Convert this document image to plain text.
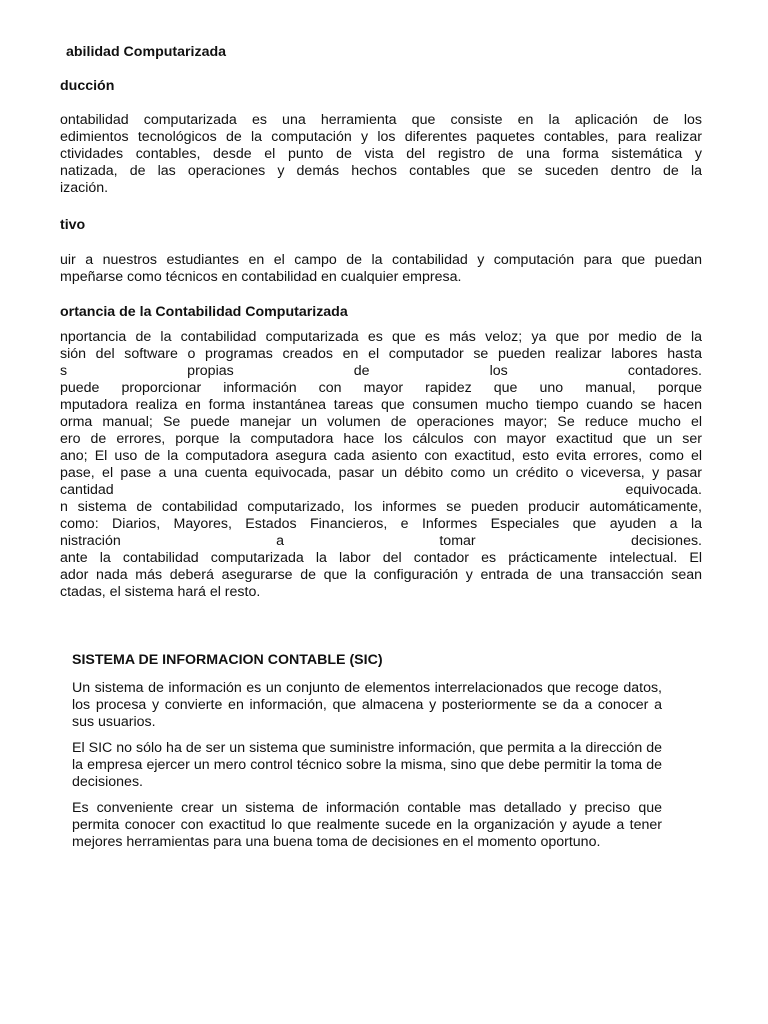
abilidad Computarizada
ducción
ontabilidad computarizada es una herramienta que consiste en la aplicación de los
edimientos tecnológicos de la computación y los diferentes paquetes contables, para realizar
ctividades contables, desde el punto de vista del registro de una forma sistemática y
natizada, de las operaciones y demás hechos contables que se suceden dentro de la
ización.
tivo
uir a nuestros estudiantes en el campo de la contabilidad y computación para que puedan
mpeñarse como técnicos en contabilidad en cualquier empresa.
ortancia de la Contabilidad Computarizada
nportancia de la contabilidad computarizada es que es más veloz; ya que por medio de la
sión del software o programas creados en el computador se pueden realizar labores hasta
s propias de los contadores.
puede proporcionar información con mayor rapidez que uno manual, porque
mputadora realiza en forma instantánea tareas que consumen mucho tiempo cuando se hacen
orma manual; Se puede manejar un volumen de operaciones mayor; Se reduce mucho el
ero de errores, porque la computadora hace los cálculos con mayor exactitud que un ser
ano; El uso de la computadora asegura cada asiento con exactitud, esto evita errores, como el
pase, el pase a una cuenta equivocada, pasar un débito como un crédito o viceversa, y pasar
cantidad equivocada.
n sistema de contabilidad computarizado, los informes se pueden producir automáticamente,
como: Diarios, Mayores, Estados Financieros, e Informes Especiales que ayuden a la
nistración a tomar decisiones.
ante la contabilidad computarizada la labor del contador es prácticamente intelectual. El
ador nada más deberá asegurarse de que la configuración y entrada de una transacción sean
ctadas, el sistema hará el resto.
SISTEMA DE INFORMACION CONTABLE (SIC)

Un sistema de información es un conjunto de elementos interrelacionados que recoge datos, los procesa y convierte en información, que almacena y posteriormente se da a conocer a sus usuarios.

El SIC no sólo ha de ser un sistema que suministre información, que permita a la dirección de la empresa ejercer un mero control técnico sobre la misma, sino que debe permitir la toma de decisiones.

Es conveniente crear un sistema de información contable mas detallado y preciso que permita conocer con exactitud lo que realmente sucede en la organización y ayude a tener mejores herramientas para una buena toma de decisiones en el momento oportuno.
